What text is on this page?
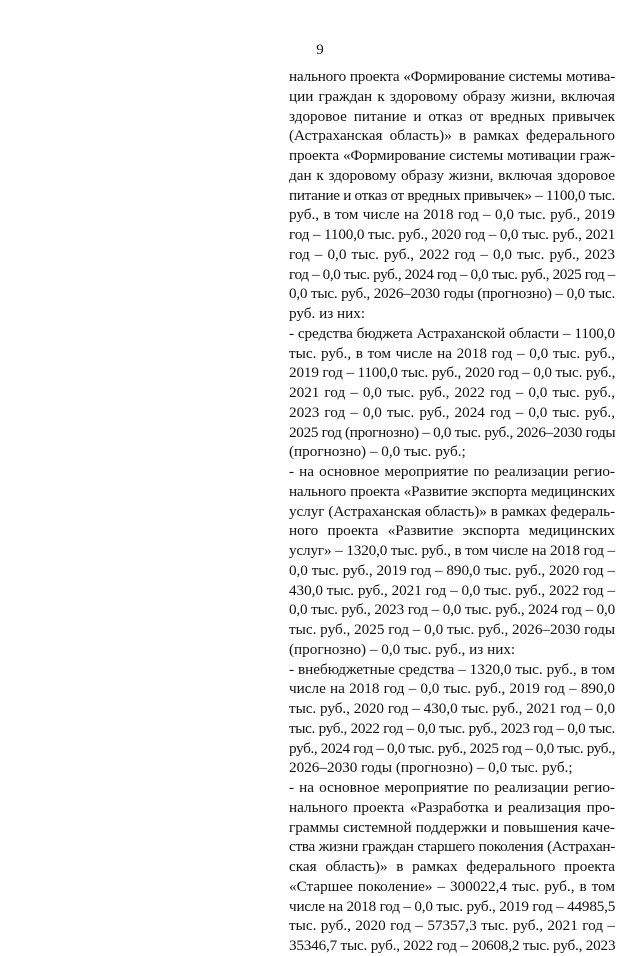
9
нального проекта «Формирование системы мотива-
ции граждан к здоровому образу жизни, включая
здоровое питание и отказ от вредных привычек
(Астраханская область)» в рамках федерального
проекта «Формирование системы мотивации граж-
дан к здоровому образу жизни, включая здоровое
питание и отказ от вредных привычек» – 1100,0 тыс.
руб., в том числе на 2018 год – 0,0 тыс. руб., 2019
год – 1100,0 тыс. руб., 2020 год – 0,0 тыс. руб., 2021
год – 0,0 тыс. руб., 2022 год – 0,0 тыс. руб., 2023
год – 0,0 тыс. руб., 2024 год – 0,0 тыс. руб., 2025 год –
0,0 тыс. руб., 2026–2030 годы (прогнозно) – 0,0 тыс.
руб. из них:
- средства бюджета Астраханской области – 1100,0
тыс. руб., в том числе на 2018 год – 0,0 тыс. руб.,
2019 год – 1100,0 тыс. руб., 2020 год – 0,0 тыс. руб.,
2021 год – 0,0 тыс. руб., 2022 год – 0,0 тыс. руб.,
2023 год – 0,0 тыс. руб., 2024 год – 0,0 тыс. руб.,
2025 год (прогнозно) – 0,0 тыс. руб., 2026–2030 годы
(прогнозно) – 0,0 тыс. руб.;
- на основное мероприятие по реализации регио-
нального проекта «Развитие экспорта медицинских
услуг (Астраханская область)» в рамках федераль-
ного проекта «Развитие экспорта медицинских
услуг» – 1320,0 тыс. руб., в том числе на 2018 год –
0,0 тыс. руб., 2019 год – 890,0 тыс. руб., 2020 год –
430,0 тыс. руб., 2021 год – 0,0 тыс. руб., 2022 год –
0,0 тыс. руб., 2023 год – 0,0 тыс. руб., 2024 год – 0,0
тыс. руб., 2025 год – 0,0 тыс. руб., 2026–2030 годы
(прогнозно) – 0,0 тыс. руб., из них:
- внебюджетные средства – 1320,0 тыс. руб., в том
числе на 2018 год – 0,0 тыс. руб., 2019 год – 890,0
тыс. руб., 2020 год – 430,0 тыс. руб., 2021 год – 0,0
тыс. руб., 2022 год – 0,0 тыс. руб., 2023 год – 0,0 тыс.
руб., 2024 год – 0,0 тыс. руб., 2025 год – 0,0 тыс. руб.,
2026–2030 годы (прогнозно) – 0,0 тыс. руб.;
- на основное мероприятие по реализации регио-
нального проекта «Разработка и реализация про-
граммы системной поддержки и повышения каче-
ства жизни граждан старшего поколения (Астрахан-
ская область)» в рамках федерального проекта
«Старшее поколение» – 300022,4 тыс. руб., в том
числе на 2018 год – 0,0 тыс. руб., 2019 год – 44985,5
тыс. руб., 2020 год – 57357,3 тыс. руб., 2021 год –
35346,7 тыс. руб., 2022 год – 20608,2 тыс. руб., 2023
